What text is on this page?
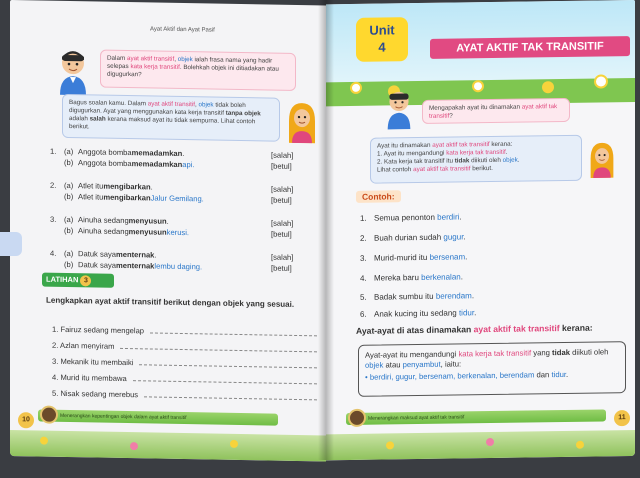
Ayat Aktif dan Ayat Pasif
Dalam ayat aktif transitif, objek ialah frasa nama yang hadir selepas kata kerja transitif. Bolehkah objek ini ditiadakan atau digugurkan?
Bagus soalan kamu. Dalam ayat aktif transitif, objek tidak boleh digugurkan. Ayat yang menggunakan kata kerja transitif tanpa objek adalah salah kerana maksud ayat itu tidak sempurna. Lihat contoh berikut.
1.	(a) Anggota bomba memadamkan .	[salah]
(b) Anggota bomba memadamkan api.	[betul]
2.	(a) Atlet itu mengibarkan .	[salah]
(b) Atlet itu mengibarkan Jalur Gemilang.	[betul]
3.	(a) Ainuha sedang menyusun .	[salah]
(b) Ainuha sedang menyusun kerusi.	[betul]
4.	(a) Datuk saya menternak .	[salah]
(b) Datuk saya menternak lembu daging.	[betul]
LATIHAN 3
Lengkapkan ayat aktif transitif berikut dengan objek yang sesuai.
1. Fairuz sedang mengelap
2. Azlan menyiram
3. Mekanik itu membaiki
4. Murid itu membawa
5. Nisak sedang merebus
10	Menerangkan kepentingan objek dalam ayat aktif transitif
Unit
4	AYAT AKTIF TAK TRANSITIF
Mengapakah ayat itu dinamakan ayat aktif tak transitif?
Ayat itu dinamakan ayat aktif tak transitif kerana:
1. Ayat itu mengandungi kata kerja tak transitif.
2. Kata kerja tak transitif itu tidak diikuti oleh objek.
Lihat contoh ayat aktif tak transitif berikut.
Contoh:
1. Semua penonton berdiri.
2. Buah durian sudah gugur.
3. Murid-murid itu bersenam.
4. Mereka baru berkenalan.
5. Badak sumbu itu berendam.
6. Anak kucing itu sedang tidur.
Ayat-ayat di atas dinamakan ayat aktif tak transitif kerana:
Ayat-ayat itu mengandungi kata kerja tak transitif yang tidak diikuti oleh objek atau penyambut, iaitu:
• berdiri, gugur, bersenam, berkenalan, berendam dan tidur.
Menerangkan maksud ayat aktif tak transitif	11
